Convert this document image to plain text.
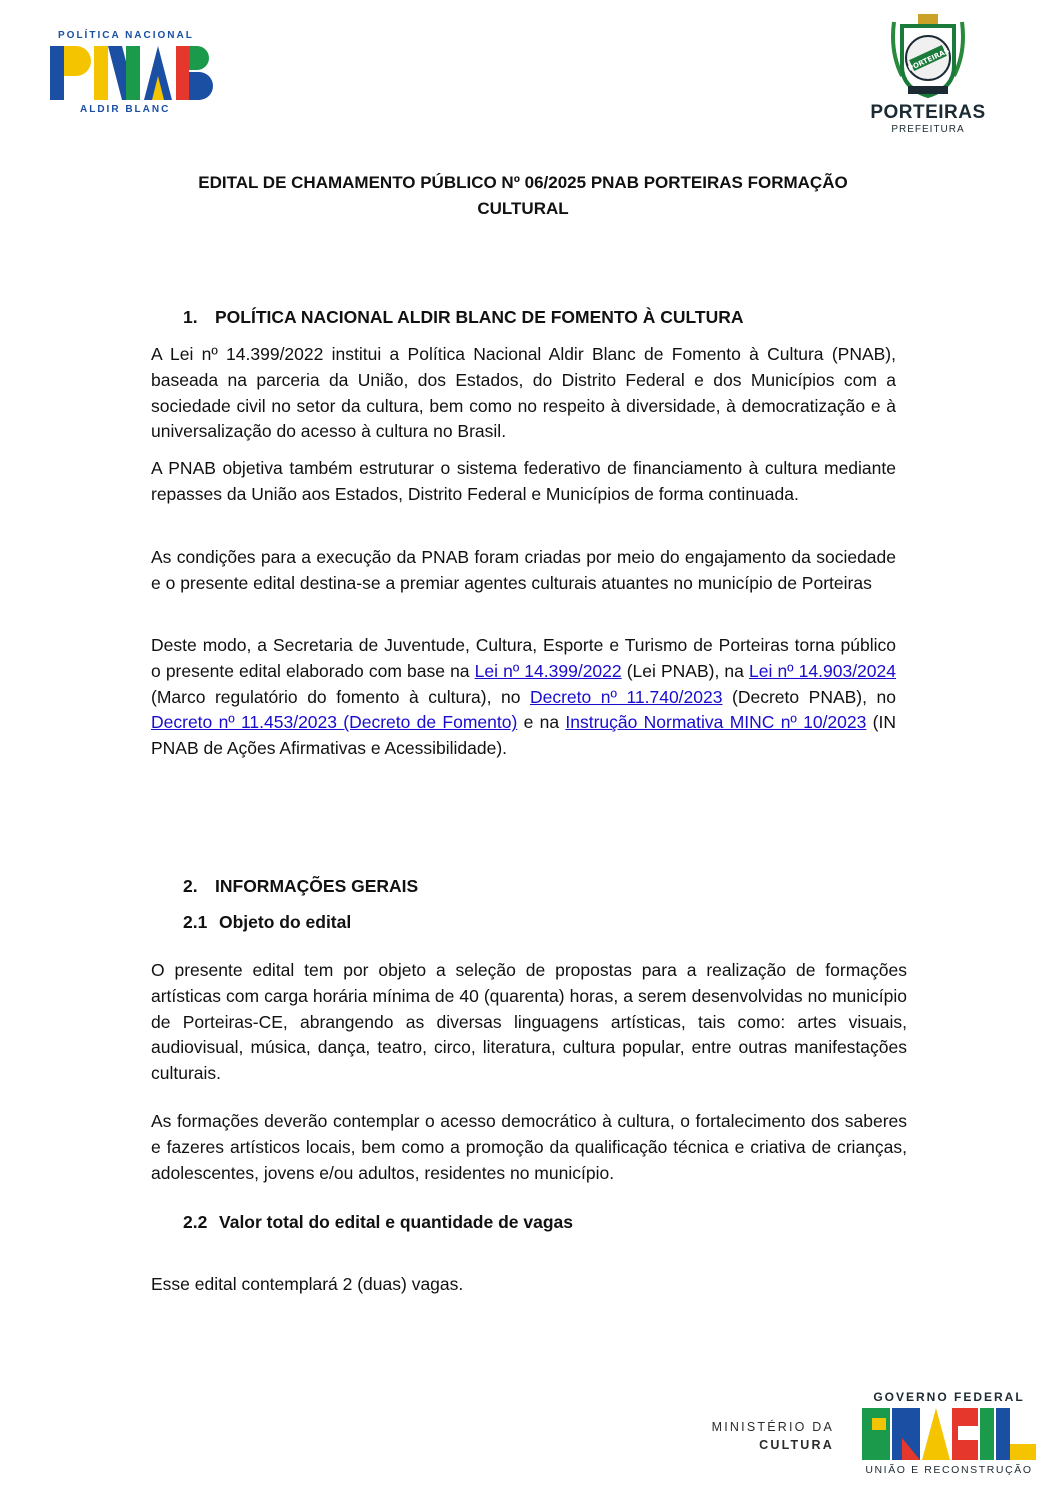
POLÍTICA NACIONAL
ALDIR BLANC
PORTEIRAS
PORTEIRAS
PREFEITURA
EDITAL DE CHAMAMENTO PÚBLICO Nº 06/2025 PNAB PORTEIRAS FORMAÇÃO
CULTURAL
1. POLÍTICA NACIONAL ALDIR BLANC DE FOMENTO À CULTURA
A Lei nº 14.399/2022 institui a Política Nacional Aldir Blanc de Fomento à Cultura (PNAB), baseada na parceria da União, dos Estados, do Distrito Federal e dos Municípios com a sociedade civil no setor da cultura, bem como no respeito à diversidade, à democratização e à universalização do acesso à cultura no Brasil.
A PNAB objetiva também estruturar o sistema federativo de financiamento à cultura mediante repasses da União aos Estados, Distrito Federal e Municípios de forma continuada.
As condições para a execução da PNAB foram criadas por meio do engajamento da sociedade e o presente edital destina-se a premiar agentes culturais atuantes no município de Porteiras
Deste modo, a Secretaria de Juventude, Cultura, Esporte e Turismo de Porteiras torna público o presente edital elaborado com base na Lei nº 14.399/2022 (Lei PNAB), na Lei nº 14.903/2024 (Marco regulatório do fomento à cultura), no Decreto nº 11.740/2023 (Decreto PNAB), no Decreto nº 11.453/2023 (Decreto de Fomento) e na Instrução Normativa MINC nº 10/2023 (IN PNAB de Ações Afirmativas e Acessibilidade).
2. INFORMAÇÕES GERAIS
2.1 Objeto do edital
O presente edital tem por objeto a seleção de propostas para a realização de formações artísticas com carga horária mínima de 40 (quarenta) horas, a serem desenvolvidas no município de Porteiras-CE, abrangendo as diversas linguagens artísticas, tais como: artes visuais, audiovisual, música, dança, teatro, circo, literatura, cultura popular, entre outras manifestações culturais.
As formações deverão contemplar o acesso democrático à cultura, o fortalecimento dos saberes e fazeres artísticos locais, bem como a promoção da qualificação técnica e criativa de crianças, adolescentes, jovens e/ou adultos, residentes no município.
2.2 Valor total do edital e quantidade de vagas
Esse edital contemplará 2 (duas) vagas.
MINISTÉRIO DA
CULTURA
GOVERNO FEDERAL
BRASIL
UNIÃO E RECONSTRUÇÃO
